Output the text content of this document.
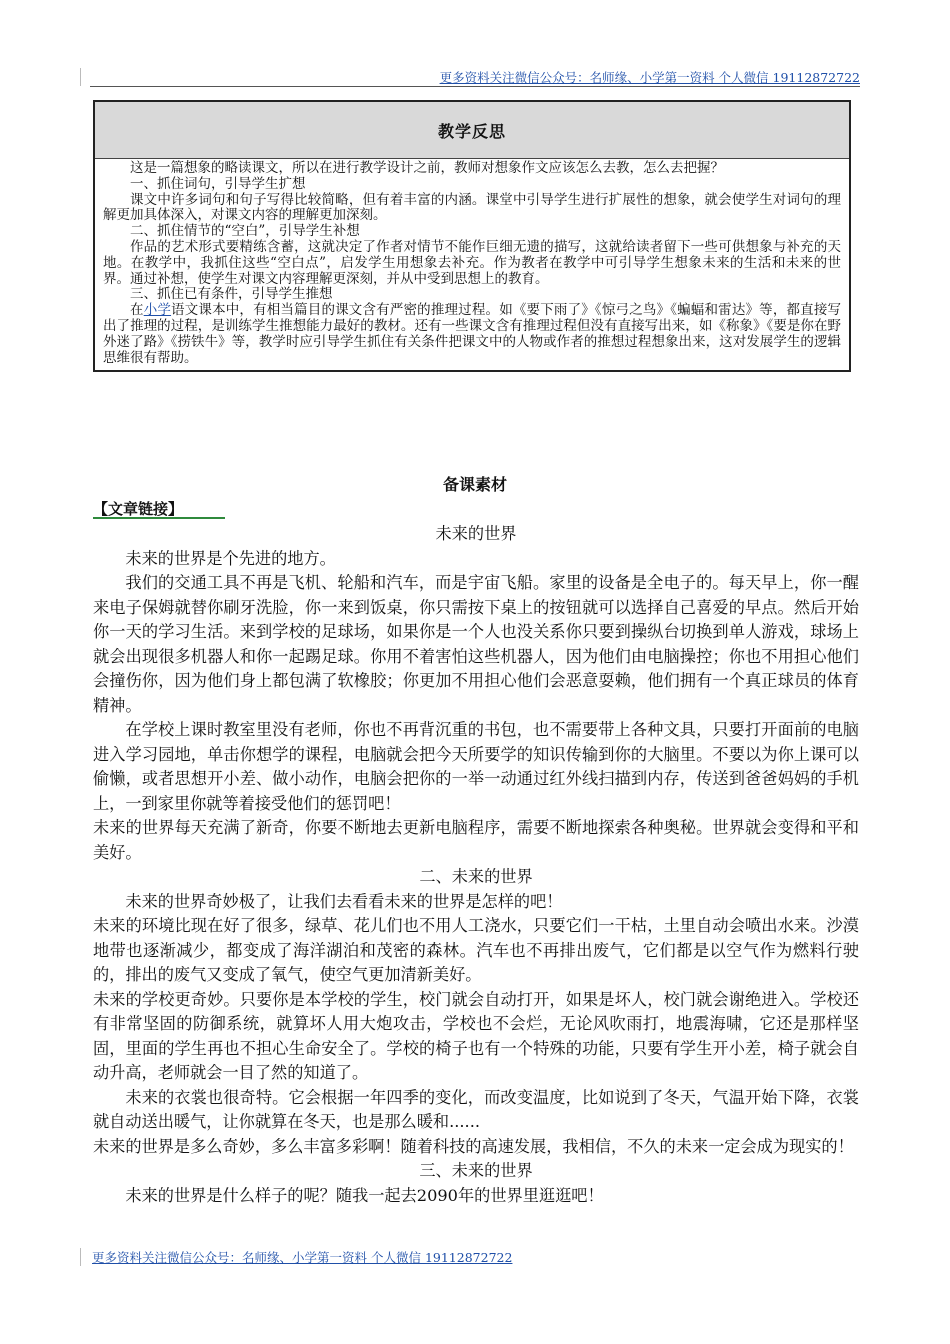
更多资料关注微信公众号：名师缘、小学第一资料 个人微信 19112872722
教学反思

这是一篇想象的略读课文，所以在进行教学设计之前，教师对想象作文应该怎么去教，怎么去把握？

一、抓住词句，引导学生扩想

课文中许多词句和句子写得比较简略，但有着丰富的内涵。课堂中引导学生进行扩展性的想象，就会使学生对词句的理解更加具体深入，对课文内容的理解更加深刻。

二、抓住情节的“空白”，引导学生补想

作品的艺术形式要精练含蓄，这就决定了作者对情节不能作巨细无遗的描写，这就给读者留下一些可供想象与补充的天地。在教学中，我抓住这些“空白点”，启发学生用想象去补充。作为教者在教学中可引导学生想象未来的生活和未来的世界。通过补想，使学生对课文内容理解更深刻，并从中受到思想上的教育。

三、抓住已有条件，引导学生推想

在小学语文课本中，有相当篇目的课文含有严密的推理过程。如《要下雨了》《惊弓之鸟》《蝙蝠和雷达》等，都直接写出了推理的过程，是训练学生推想能力最好的教材。还有一些课文含有推理过程但没有直接写出来，如《称象》《要是你在野外迷了路》《捞铁牛》等，教学时应引导学生抓住有关条件把课文中的人物或作者的推想过程想象出来，这对发展学生的逻辑思维很有帮助。

备课素材
【文章链接】

未来的世界

未来的世界是个先进的地方。

我们的交通工具不再是飞机、轮船和汽车，而是宇宙飞船。家里的设备是全电子的。每天早上，你一醒来电子保姆就替你刷牙洗脸，你一来到饭桌，你只需按下桌上的按钮就可以选择自己喜爱的早点。然后开始你一天的学习生活。来到学校的足球场，如果你是一个人也没关系你只要到操纵台切换到单人游戏，球场上就会出现很多机器人和你一起踢足球。你用不着害怕这些机器人，因为他们由电脑操控；你也不用担心他们会撞伤你，因为他们身上都包满了软橡胶；你更加不用担心他们会恶意耍赖，他们拥有一个真正球员的体育精神。

在学校上课时教室里没有老师，你也不再背沉重的书包，也不需要带上各种文具，只要打开面前的电脑进入学习园地，单击你想学的课程，电脑就会把今天所要学的知识传输到你的大脑里。不要以为你上课可以偷懒，或者思想开小差、做小动作，电脑会把你的一举一动通过红外线扫描到内存，传送到爸爸妈妈的手机上，一到家里你就等着接受他们的惩罚吧！

未来的世界每天充满了新奇，你要不断地去更新电脑程序，需要不断地探索各种奥秘。世界就会变得和平和美好。

二、未来的世界

未来的世界奇妙极了，让我们去看看未来的世界是怎样的吧！

未来的环境比现在好了很多，绿草、花儿们也不用人工浇水，只要它们一干枯，土里自动会喷出水来。沙漠地带也逐渐减少，都变成了海洋湖泊和茂密的森林。汽车也不再排出废气，它们都是以空气作为燃料行驶的，排出的废气又变成了氧气，使空气更加清新美好。

未来的学校更奇妙。只要你是本学校的学生，校门就会自动打开，如果是坏人，校门就会谢绝进入。学校还有非常坚固的防御系统，就算坏人用大炮攻击，学校也不会烂，无论风吹雨打，地震海啸，它还是那样坚固，里面的学生再也不担心生命安全了。学校的椅子也有一个特殊的功能，只要有学生开小差，椅子就会自动升高，老师就会一目了然的知道了。

未来的衣裳也很奇特。它会根据一年四季的变化，而改变温度，比如说到了冬天，气温开始下降，衣裳就自动送出暖气，让你就算在冬天，也是那么暖和......

未来的世界是多么奇妙，多么丰富多彩啊！随着科技的高速发展，我相信，不久的未来一定会成为现实的！

三、未来的世界

未来的世界是什么样子的呢？随我一起去2090年的世界里逛逛吧！

更多资料关注微信公众号：名师缘、小学第一资料 个人微信 19112872722
